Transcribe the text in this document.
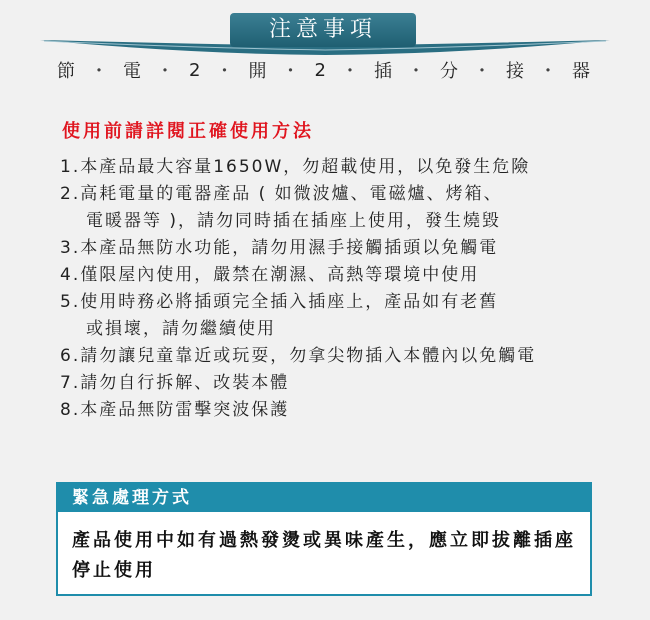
注意事項
節 ・ 電 ・ 2 ・ 開 ・ 2 ・ 插 ・ 分 ・ 接 ・ 器
使用前請詳閱正確使用方法
1.本產品最大容量1650W，勿超載使用，以免發生危險
2.高耗電量的電器產品 ( 如微波爐、電磁爐、烤箱、
電暖器等 )，請勿同時插在插座上使用，發生燒毀
3.本產品無防水功能，請勿用濕手接觸插頭以免觸電
4.僅限屋內使用，嚴禁在潮濕、高熱等環境中使用
5.使用時務必將插頭完全插入插座上，產品如有老舊
或損壞，請勿繼續使用
6.請勿讓兒童靠近或玩耍，勿拿尖物插入本體內以免觸電
7.請勿自行拆解、改裝本體
8.本產品無防雷擊突波保護
緊急處理方式
產品使用中如有過熱發燙或異味產生，應立即拔離插座停止使用
